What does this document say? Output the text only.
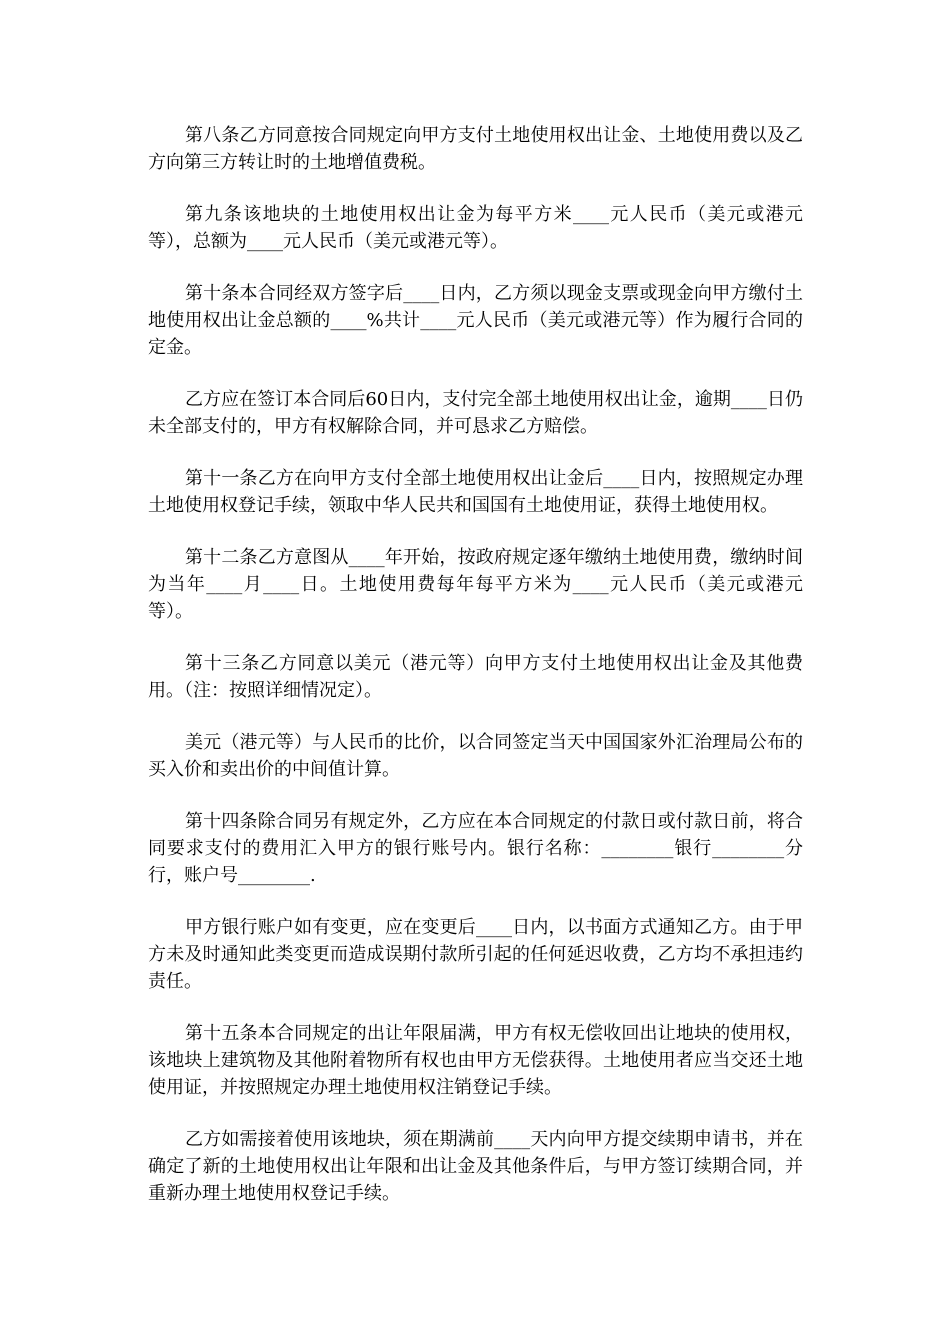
第八条乙方同意按合同规定向甲方支付土地使用权出让金、土地使用费以及乙方向第三方转让时的土地增值费税。

第九条该地块的土地使用权出让金为每平方米____元人民币（美元或港元等），总额为____元人民币（美元或港元等）。

第十条本合同经双方签字后____日内，乙方须以现金支票或现金向甲方缴付土地使用权出让金总额的____%共计____元人民币（美元或港元等）作为履行合同的定金。

乙方应在签订本合同后60日内，支付完全部土地使用权出让金，逾期____日仍未全部支付的，甲方有权解除合同，并可恳求乙方赔偿。

第十一条乙方在向甲方支付全部土地使用权出让金后____日内，按照规定办理土地使用权登记手续，领取中华人民共和国国有土地使用证，获得土地使用权。

第十二条乙方意图从____年开始，按政府规定逐年缴纳土地使用费，缴纳时间为当年____月____日。土地使用费每年每平方米为____元人民币（美元或港元等）。

第十三条乙方同意以美元（港元等）向甲方支付土地使用权出让金及其他费用。（注：按照详细情况定）。

美元（港元等）与人民币的比价，以合同签定当天中国国家外汇治理局公布的买入价和卖出价的中间值计算。

第十四条除合同另有规定外，乙方应在本合同规定的付款日或付款日前，将合同要求支付的费用汇入甲方的银行账号内。银行名称：________银行________分行，账户号________.

甲方银行账户如有变更，应在变更后____日内，以书面方式通知乙方。由于甲方未及时通知此类变更而造成误期付款所引起的任何延迟收费，乙方均不承担违约责任。

第十五条本合同规定的出让年限届满，甲方有权无偿收回出让地块的使用权，该地块上建筑物及其他附着物所有权也由甲方无偿获得。土地使用者应当交还土地使用证，并按照规定办理土地使用权注销登记手续。

乙方如需接着使用该地块，须在期满前____天内向甲方提交续期申请书，并在确定了新的土地使用权出让年限和出让金及其他条件后，与甲方签订续期合同，并重新办理土地使用权登记手续。
